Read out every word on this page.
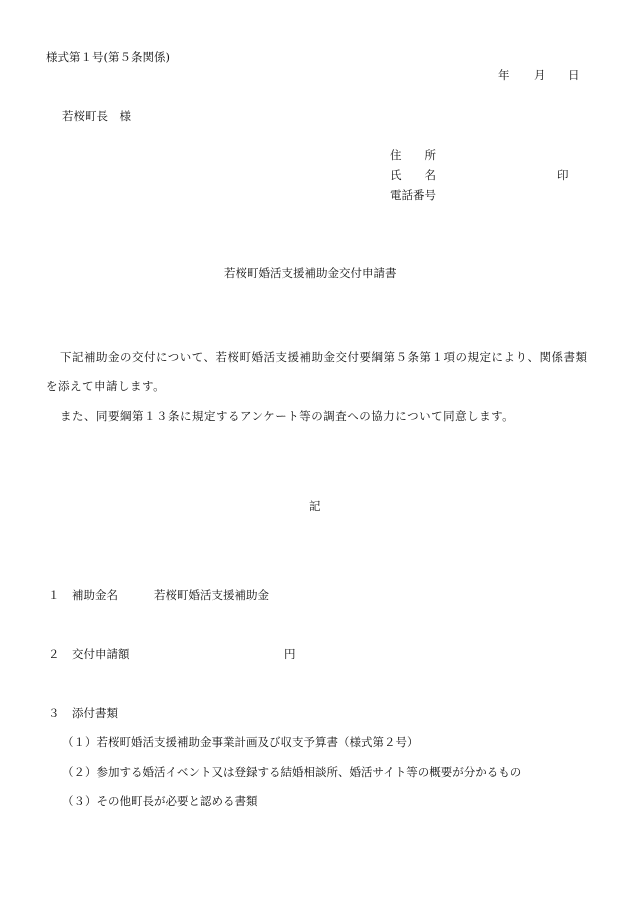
様式第１号(第５条関係)
年 月 日
若桜町長　様
住　　所
氏　　名	印
電話番号
若桜町婚活支援補助金交付申請書
下記補助金の交付について、若桜町婚活支援補助金交付要綱第５条第１項の規定により、関係書類
を添えて申請します。
また、同要綱第１３条に規定するアンケート等の調査への協力について同意します。
記
１ 補助金名	若桜町婚活支援補助金
２ 交付申請額	円
３ 添付書類
（１）若桜町婚活支援補助金事業計画及び収支予算書（様式第２号）
（２）参加する婚活イベント又は登録する結婚相談所、婚活サイト等の概要が分かるもの
（３）その他町長が必要と認める書類
